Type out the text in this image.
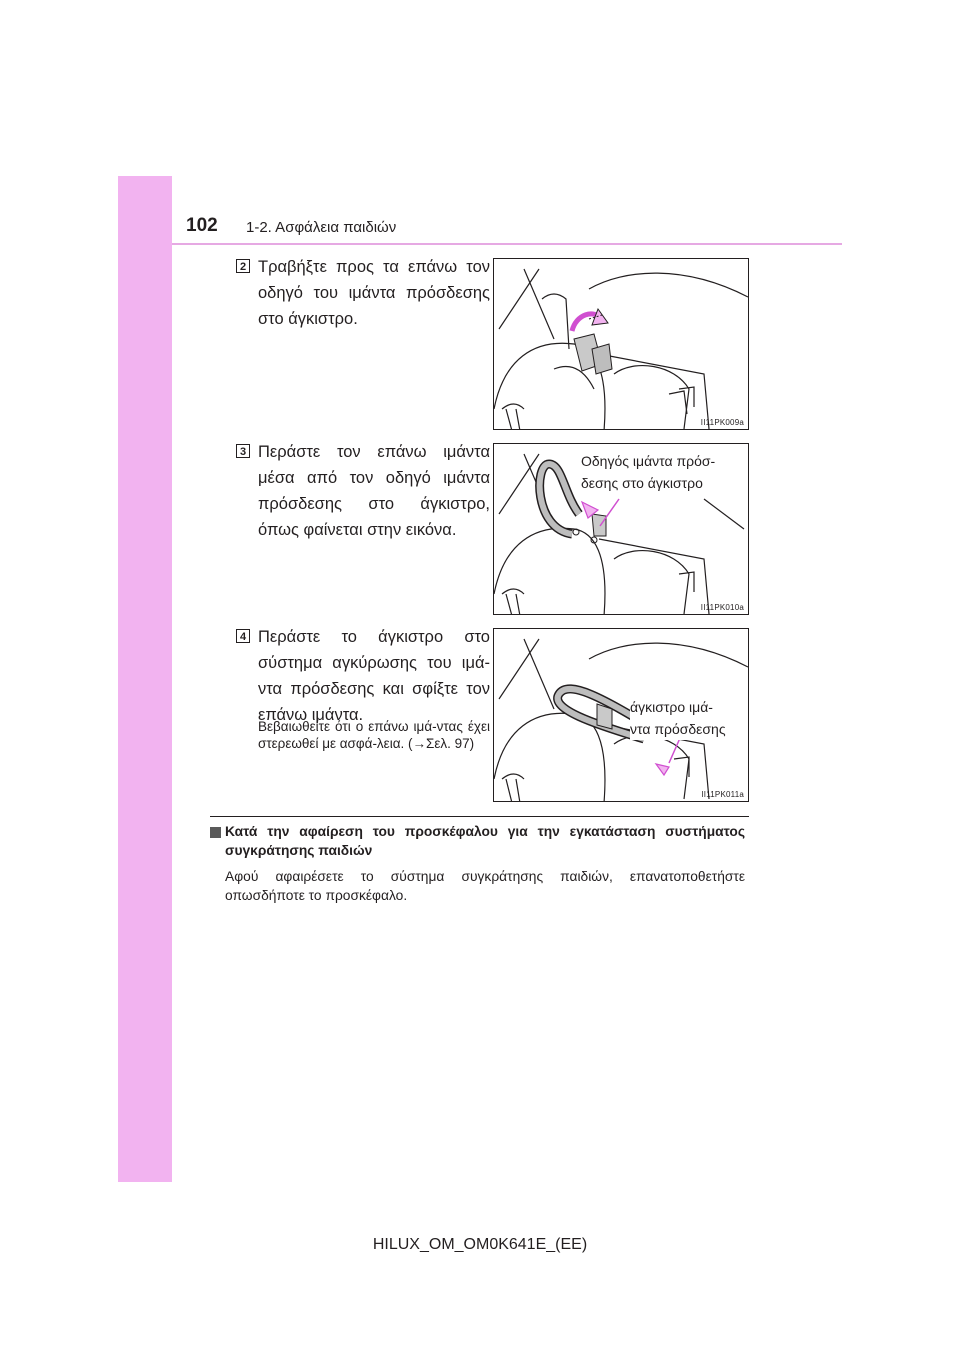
102 1-2. Ασφάλεια παιδιών
2 Τραβήξτε προς τα επάνω τον οδηγό του ιμάντα πρόσδεσης στο άγκιστρο.
II11PK009a
3 Περάστε τον επάνω ιμάντα μέσα από τον οδηγό ιμάντα πρόσδεσης στο άγκιστρο, όπως φαίνεται στην εικόνα.
II11PK010a
Οδηγός ιμάντα πρόσ-
δεσης στο άγκιστρο
4 Περάστε το άγκιστρο στο σύστημα αγκύρωσης του ιμά-ντα πρόσδεσης και σφίξτε τον επάνω ιμάντα.
Βεβαιωθείτε ότι ο επάνω ιμά-ντας έχει στερεωθεί με ασφά-λεια. (→Σελ. 97)
II11PK011a
άγκιστρο ιμά-
ντα πρόσδεσης
Κατά την αφαίρεση του προσκέφαλου για την εγκατάσταση συστήματος συγκράτησης παιδιών
Αφού αφαιρέσετε το σύστημα συγκράτησης παιδιών, επανατοποθετήστε οπωσδήποτε το προσκέφαλο.
HILUX_OM_OM0K641E_(EE)
